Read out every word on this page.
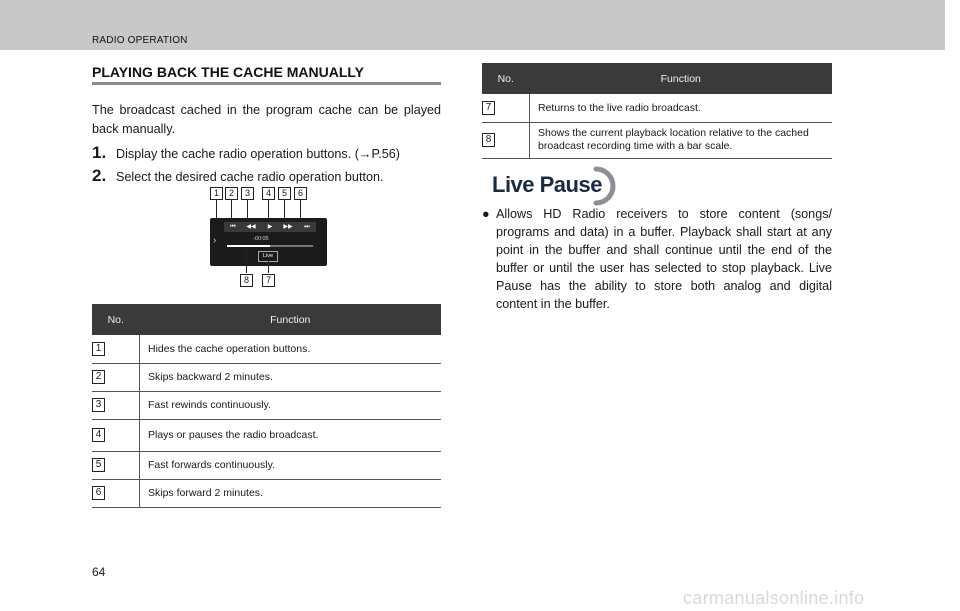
RADIO OPERATION
PLAYING BACK THE CACHE MANUALLY
The broadcast cached in the program cache can be played back manually.
1. Display the cache radio operation buttons. (→P.56)
2. Select the desired cache radio operation button.
1	2	3	4	5	6
›
⏮	◀◀	▶	▶▶	⏭
-00:05
Live
8	7
No.	Function
1	Hides the cache operation buttons.
2	Skips backward 2 minutes.
3	Fast rewinds continuously.
4	Plays or pauses the radio broadcast.
5	Fast forwards continuously.
6	Skips forward 2 minutes.
No.	Function
7	Returns to the live radio broadcast.
8	Shows the current playback location relative to the cached broadcast recording time with a bar scale.
Live Pause
● Allows HD Radio receivers to store content (songs/ programs and data) in a buffer. Playback shall start at any point in the buffer and shall continue until the end of the buffer or until the user has selected to stop playback. Live Pause has the ability to store both analog and digital content in the buffer.
64
carmanualsonline.info
